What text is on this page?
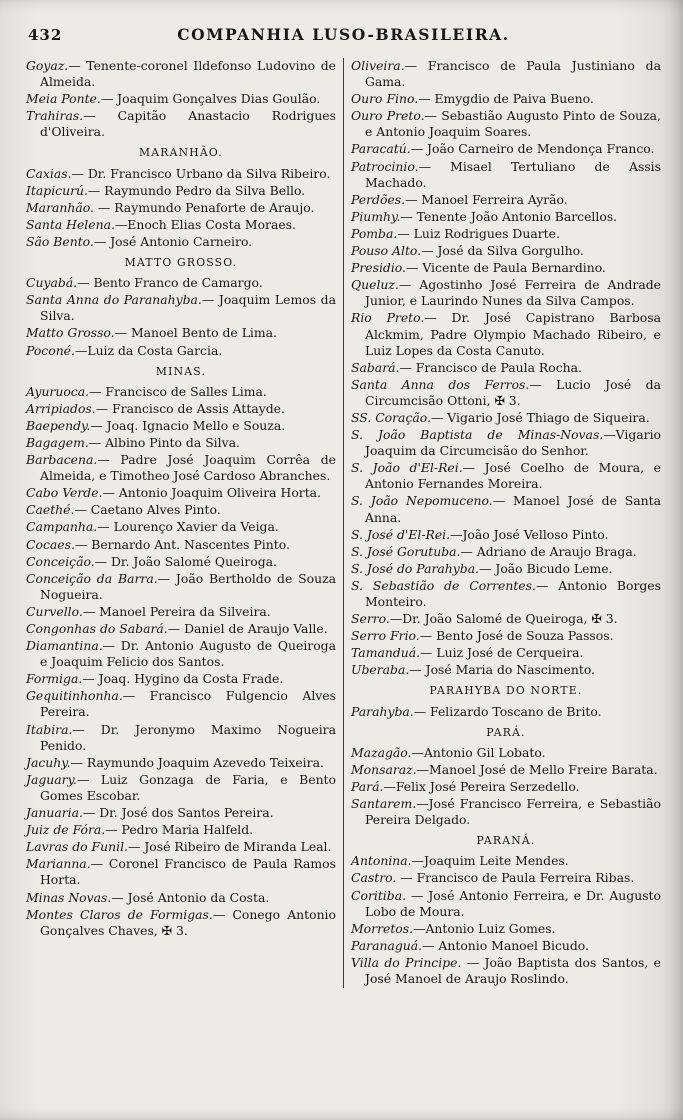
432	COMPANHIA LUSO-BRASILEIRA.

Goyaz.— Tenente-coronel Ildefonso Ludovino de Almeida.

Meia Ponte.— Joaquim Gonçalves Dias Goulão.

Trahiras.— Capitão Anastacio Rodrigues d'Oliveira.

MARANHÃO.

Caxias.— Dr. Francisco Urbano da Silva Ribeiro.

Itapicurú.— Raymundo Pedro da Silva Bello.

Maranhão. — Raymundo Penaforte de Araujo.

Santa Helena.—Enoch Elias Costa Moraes.

São Bento.— José Antonio Carneiro.

MATTO GROSSO.

Cuyabá.— Bento Franco de Camargo.

Santa Anna do Paranahyba.— Joaquim Lemos da Silva.

Matto Grosso.— Manoel Bento de Lima.

Poconé.—Luiz da Costa Garcia.

MINAS.

Ayuruoca.— Francisco de Salles Lima.

Arripiados.— Francisco de Assis Attayde.

Baependy.— Joaq. Ignacio Mello e Souza.

Bagagem.— Albino Pinto da Silva.

Barbacena.— Padre José Joaquim Corrêa de Almeida, e Timotheo José Cardoso Abranches.

Cabo Verde.— Antonio Joaquim Oliveira Horta.

Caethé.— Caetano Alves Pinto.

Campanha.— Lourenço Xavier da Veiga.

Cocaes.— Bernardo Ant. Nascentes Pinto.

Conceição.— Dr. João Salomé Queiroga.

Conceição da Barra.— João Bertholdo de Souza Nogueira.

Curvello.— Manoel Pereira da Silveira.

Congonhas do Sabará.— Daniel de Araujo Valle.

Diamantina.— Dr. Antonio Augusto de Queiroga e Joaquim Felicio dos Santos.

Formiga.— Joaq. Hygino da Costa Frade.

Gequitinhonha.— Francisco Fulgencio Alves Pereira.

Itabira.— Dr. Jeronymo Maximo Nogueira Penido.

Jacuhy.— Raymundo Joaquim Azevedo Teixeira.

Jaguary.— Luiz Gonzaga de Faria, e Bento Gomes Escobar.

Januaria.— Dr. José dos Santos Pereira.

Juiz de Fóra.— Pedro Maria Halfeld.

Lavras do Funil.— José Ribeiro de Miranda Leal.

Marianna.— Coronel Francisco de Paula Ramos Horta.

Minas Novas.— José Antonio da Costa.

Montes Claros de Formigas.— Conego Antonio Gonçalves Chaves, ✠ 3.

Oliveira.— Francisco de Paula Justiniano da Gama.

Ouro Fino.— Emygdio de Paiva Bueno.

Ouro Preto.— Sebastião Augusto Pinto de Souza, e Antonio Joaquim Soares.

Paracatú.— João Carneiro de Mendonça Franco.

Patrocinio.— Misael Tertuliano de Assis Machado.

Perdões.— Manoel Ferreira Ayrão.

Piumhy.— Tenente João Antonio Barcellos.

Pomba.— Luiz Rodrigues Duarte.

Pouso Alto.— José da Silva Gorgulho.

Presidio.— Vicente de Paula Bernardino.

Queluz.— Agostinho José Ferreira de Andrade Junior, e Laurindo Nunes da Silva Campos.

Rio Preto.— Dr. José Capistrano Barbosa Alckmim, Padre Olympio Machado Ribeiro, e Luiz Lopes da Costa Canuto.

Sabará.— Francisco de Paula Rocha.

Santa Anna dos Ferros.— Lucio José da Circumcisão Ottoni, ✠ 3.

SS. Coração.— Vigario José Thiago de Siqueira.

S. João Baptista de Minas-Novas.—Vigario Joaquim da Circumcisão do Senhor.

S. João d'El-Rei.— José Coelho de Moura, e Antonio Fernandes Moreira.

S. João Nepomuceno.— Manoel José de Santa Anna.

S. José d'El-Rei.—João José Velloso Pinto.

S. José Gorutuba.— Adriano de Araujo Braga.

S. José do Parahyba.— João Bicudo Leme.

S. Sebastião de Correntes.— Antonio Borges Monteiro.

Serro.—Dr. João Salomé de Queiroga, ✠ 3.

Serro Frio.— Bento José de Souza Passos.

Tamanduá.— Luiz José de Cerqueira.

Uberaba.— José Maria do Nascimento.

PARAHYBA DO NORTE.

Parahyba.— Felizardo Toscano de Brito.

PARÁ.

Mazagão.—Antonio Gil Lobato.

Monsaraz.—Manoel José de Mello Freire Barata.

Pará.—Felix José Pereira Serzedello.

Santarem.—José Francisco Ferreira, e Sebastião Pereira Delgado.

PARANÁ.

Antonina.—Joaquim Leite Mendes.

Castro. — Francisco de Paula Ferreira Ribas.

Coritiba. — José Antonio Ferreira, e Dr. Augusto Lobo de Moura.

Morretos.—Antonio Luiz Gomes.

Paranaguá.— Antonio Manoel Bicudo.

Villa do Principe. — João Baptista dos Santos, e José Manoel de Araujo Roslindo.
